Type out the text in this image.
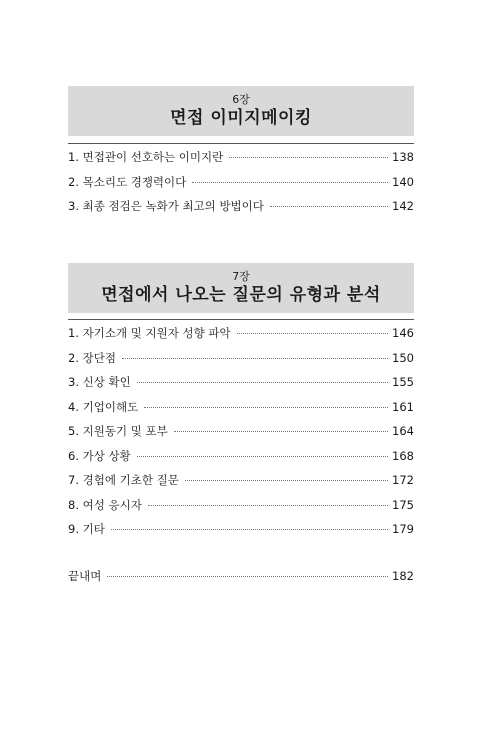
6장
면접 이미지메이킹
1. 면접관이 선호하는 이미지란	138
2. 목소리도 경쟁력이다	140
3. 최종 점검은 녹화가 최고의 방법이다	142
7장
면접에서 나오는 질문의 유형과 분석
1. 자기소개 및 지원자 성향 파악	146
2. 장단점	150
3. 신상 확인	155
4. 기업이해도	161
5. 지원동기 및 포부	164
6. 가상 상황	168
7. 경험에 기초한 질문	172
8. 여성 응시자	175
9. 기타	179
끝내며	182
